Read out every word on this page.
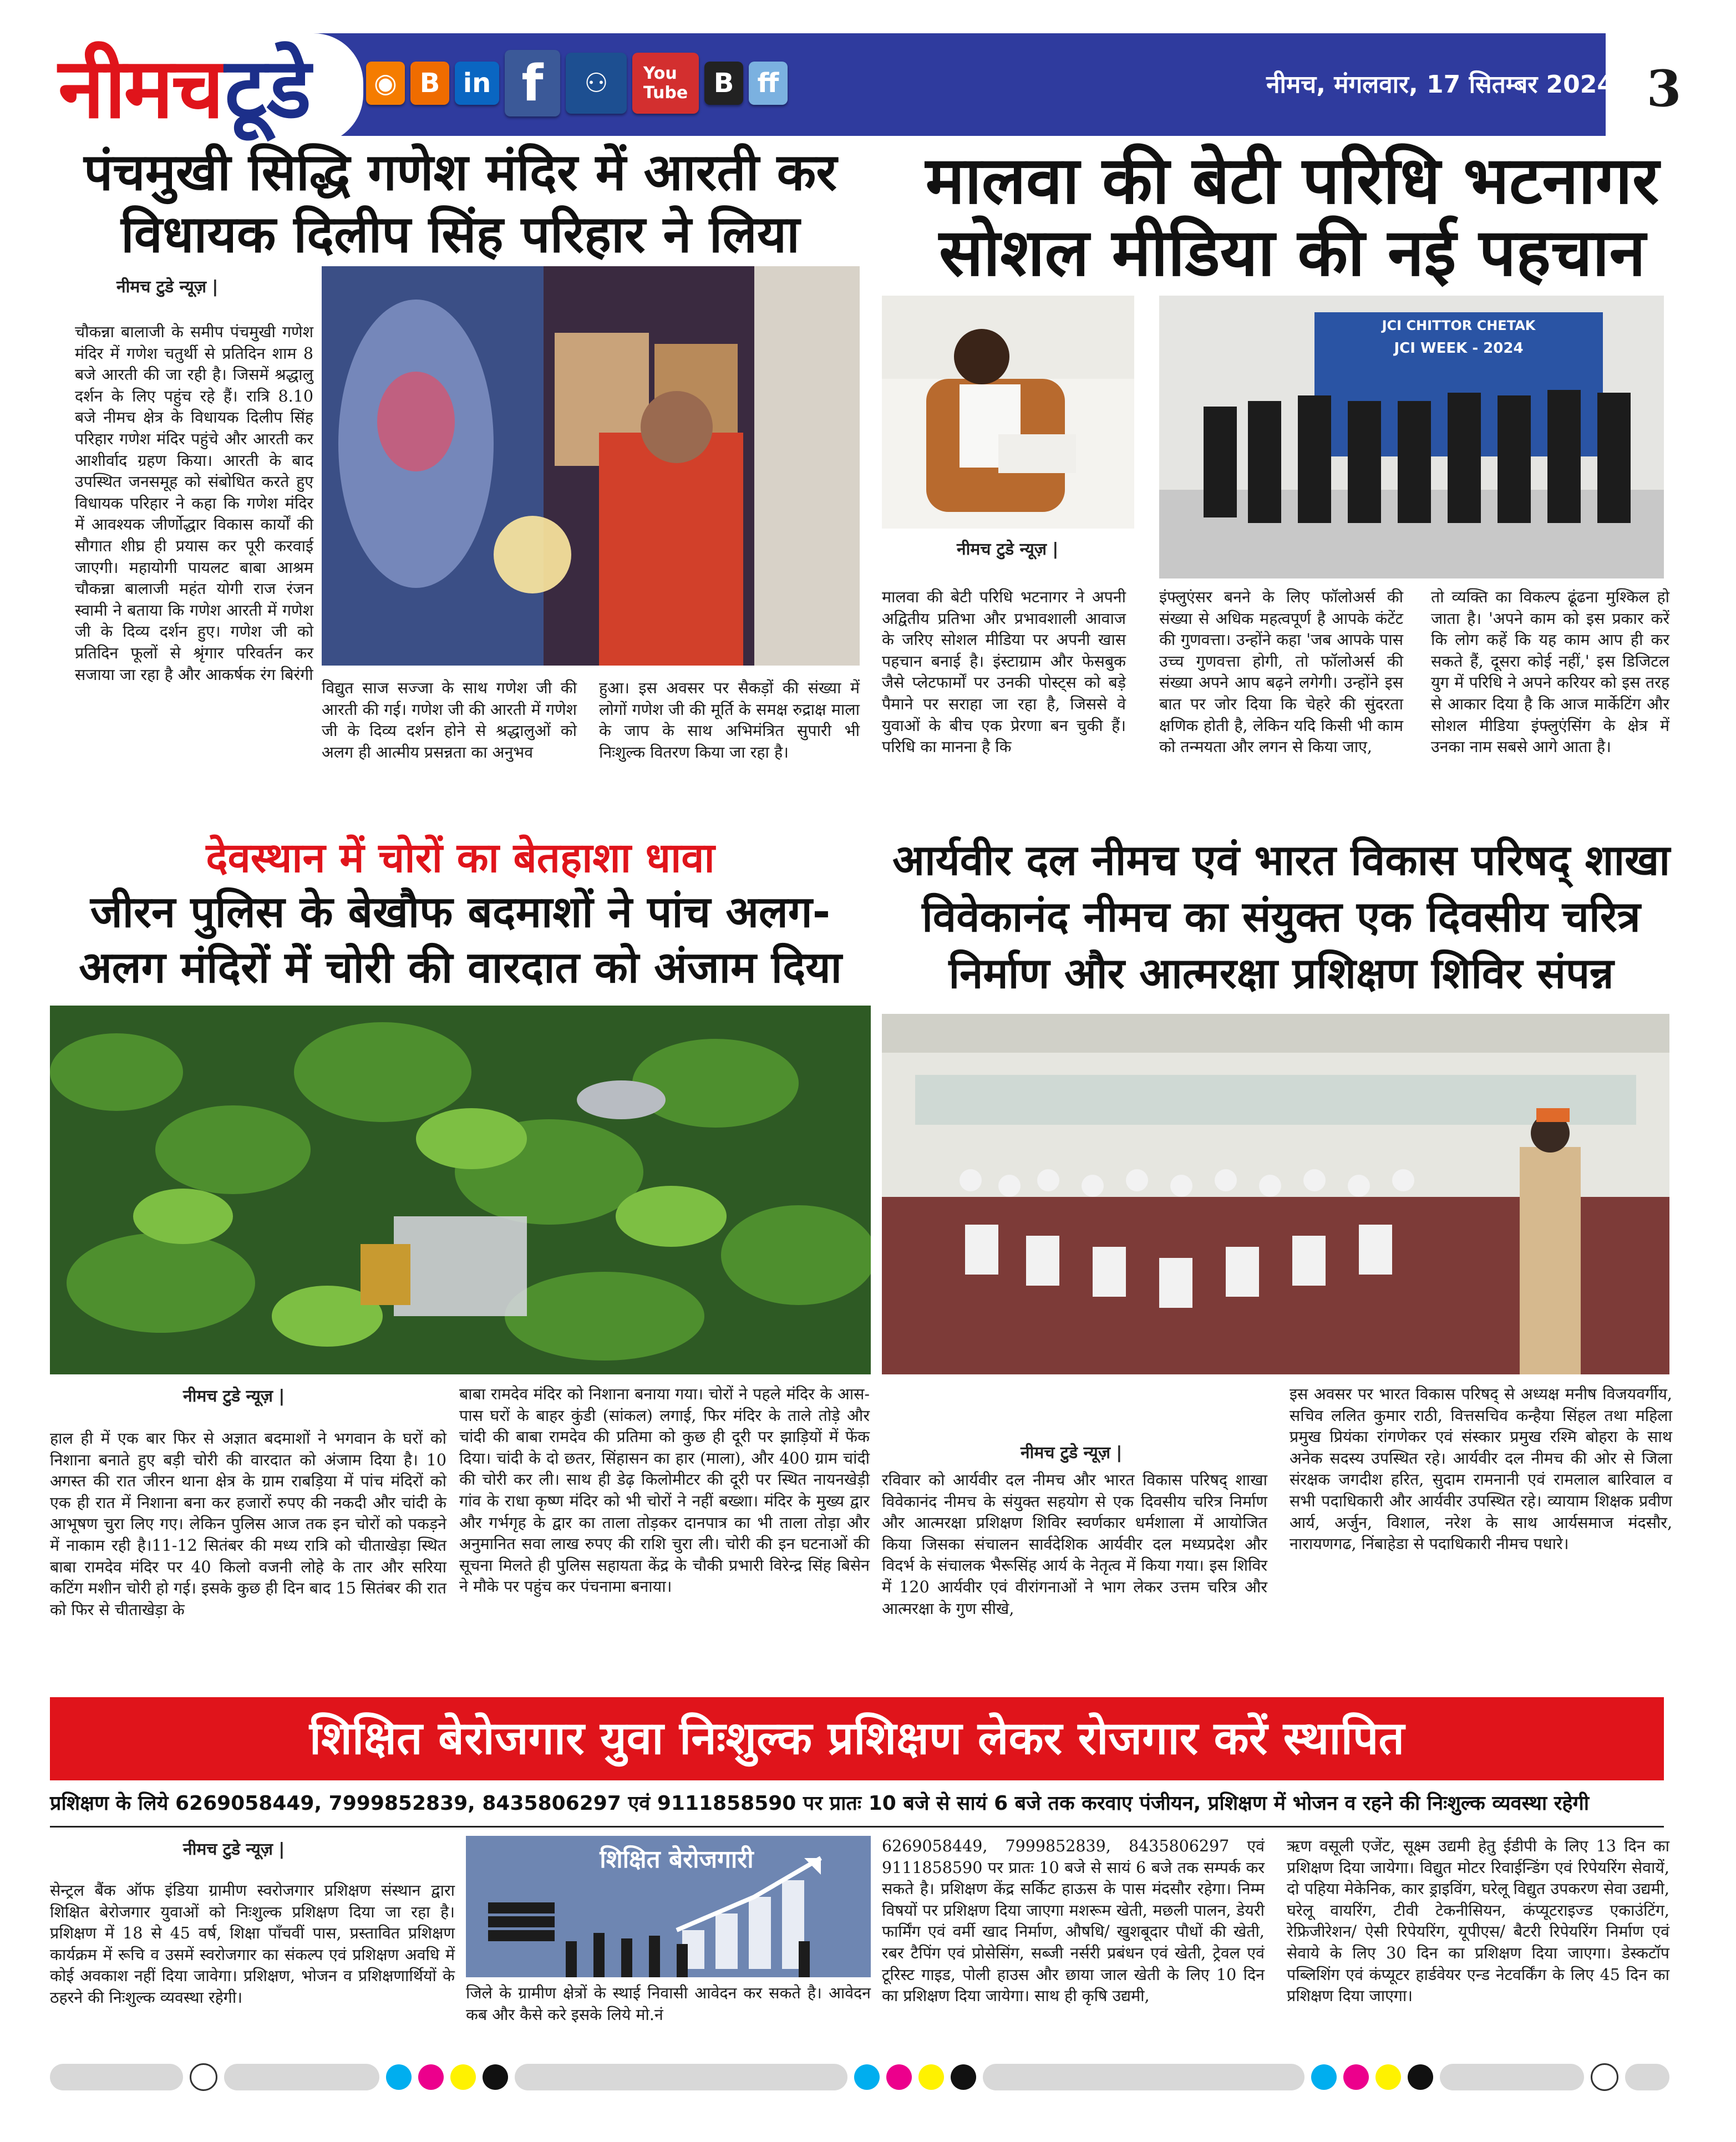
नीमच टूडे	◉ B in f	⚇	You
Tube B ff	नीमच, मंगलवार, 17 सितम्बर 2024 3
पंचमुखी सिद्धि गणेश मंदिर में आरती कर
विधायक दिलीप सिंह परिहार ने लिया
नीमच टुडे न्यूज़ |
चौकन्ना बालाजी के समीप पंचमुखी गणेश मंदिर में गणेश चतुर्थी से प्रतिदिन शाम 8 बजे आरती की जा रही है। जिसमें श्रद्धालु दर्शन के लिए पहुंच रहे हैं। रात्रि 8.10 बजे नीमच क्षेत्र के विधायक दिलीप सिंह परिहार गणेश मंदिर पहुंचे और आरती कर आशीर्वाद ग्रहण किया। आरती के बाद उपस्थित जनसमूह को संबोधित करते हुए विधायक परिहार ने कहा कि गणेश मंदिर में आवश्यक जीर्णोद्धार विकास कार्यों की सौगात शीघ्र ही प्रयास कर पूरी करवाई जाएगी। महायोगी पायलट बाबा आश्रम चौकन्ना बालाजी महंत योगी राज रंजन स्वामी ने बताया कि गणेश आरती में गणेश जी के दिव्य दर्शन हुए। गणेश जी को प्रतिदिन फूलों से श्रृंगार परिवर्तन कर सजाया जा रहा है और आकर्षक रंग बिरंगी
विद्युत साज सज्जा के साथ गणेश जी की आरती की गई। गणेश जी की आरती में गणेश जी के दिव्य दर्शन होने से श्रद्धालुओं को अलग ही आत्मीय प्रसन्नता का अनुभव
हुआ। इस अवसर पर सैकड़ों की संख्या में लोगों गणेश जी की मूर्ति के समक्ष रुद्राक्ष माला के जाप के साथ अभिमंत्रित सुपारी भी निःशुल्क वितरण किया जा रहा है।
मालवा की बेटी परिधि भटनागर
सोशल मीडिया की नई पहचान
JCI CHITTOR CHETAK
JCI WEEK - 2024
नीमच टुडे न्यूज़ |
मालवा की बेटी परिधि भटनागर ने अपनी अद्वितीय प्रतिभा और प्रभावशाली आवाज के जरिए सोशल मीडिया पर अपनी खास पहचान बनाई है। इंस्टाग्राम और फेसबुक जैसे प्लेटफार्मों पर उनकी पोस्ट्स को बड़े पैमाने पर सराहा जा रहा है, जिससे वे युवाओं के बीच एक प्रेरणा बन चुकी हैं। परिधि का मानना है कि
इंफ्लुएंसर बनने के लिए फॉलोअर्स की संख्या से अधिक महत्वपूर्ण है आपके कंटेंट की गुणवत्ता। उन्होंने कहा 'जब आपके पास उच्च गुणवत्ता होगी, तो फॉलोअर्स की संख्या अपने आप बढ़ने लगेगी। उन्होंने इस बात पर जोर दिया कि चेहरे की सुंदरता क्षणिक होती है, लेकिन यदि किसी भी काम को तन्मयता और लगन से किया जाए,
तो व्यक्ति का विकल्प ढूंढना मुश्किल हो जाता है। 'अपने काम को इस प्रकार करें कि लोग कहें कि यह काम आप ही कर सकते हैं, दूसरा कोई नहीं,' इस डिजिटल युग में परिधि ने अपने करियर को इस तरह से आकार दिया है कि आज मार्केटिंग और सोशल मीडिया इंफ्लुएंसिंग के क्षेत्र में उनका नाम सबसे आगे आता है।
देवस्थान में चोरों का बेतहाशा धावा
जीरन पुलिस के बेखौफ बदमाशों ने पांच अलग-
अलग मंदिरों में चोरी की वारदात को अंजाम दिया
नीमच टुडे न्यूज़ |
हाल ही में एक बार फिर से अज्ञात बदमाशों ने भगवान के घरों को निशाना बनाते हुए बड़ी चोरी की वारदात को अंजाम दिया है। 10 अगस्त की रात जीरन थाना क्षेत्र के ग्राम राबड़िया में पांच मंदिरों को एक ही रात में निशाना बना कर हजारों रुपए की नकदी और चांदी के आभूषण चुरा लिए गए। लेकिन पुलिस आज तक इन चोरों को पकड़ने में नाकाम रही है।11-12 सितंबर की मध्य रात्रि को चीताखेड़ा स्थित बाबा रामदेव मंदिर पर 40 किलो वजनी लोहे के तार और सरिया कटिंग मशीन चोरी हो गई। इसके कुछ ही दिन बाद 15 सितंबर की रात को फिर से चीताखेड़ा के
बाबा रामदेव मंदिर को निशाना बनाया गया। चोरों ने पहले मंदिर के आस-पास घरों के बाहर कुंडी (सांकल) लगाई, फिर मंदिर के ताले तोड़े और चांदी की बाबा रामदेव की प्रतिमा को कुछ ही दूरी पर झाड़ियों में फेंक दिया। चांदी के दो छतर, सिंहासन का हार (माला), और 400 ग्राम चांदी की चोरी कर ली। साथ ही डेढ़ किलोमीटर की दूरी पर स्थित नायनखेड़ी गांव के राधा कृष्ण मंदिर को भी चोरों ने नहीं बख्शा। मंदिर के मुख्य द्वार और गर्भगृह के द्वार का ताला तोड़कर दानपात्र का भी ताला तोड़ा और अनुमानित सवा लाख रुपए की राशि चुरा ली। चोरी की इन घटनाओं की सूचना मिलते ही पुलिस सहायता केंद्र के चौकी प्रभारी विरेन्द्र सिंह बिसेन ने मौके पर पहुंच कर पंचनामा बनाया।
आर्यवीर दल नीमच एवं भारत विकास परिषद् शाखा
विवेकानंद नीमच का संयुक्त एक दिवसीय चरित्र
निर्माण और आत्मरक्षा प्रशिक्षण शिविर संपन्न
नीमच टुडे न्यूज़ |
रविवार को आर्यवीर दल नीमच और भारत विकास परिषद् शाखा विवेकानंद नीमच के संयुक्त सहयोग से एक दिवसीय चरित्र निर्माण और आत्मरक्षा प्रशिक्षण शिविर स्वर्णकार धर्मशाला में आयोजित किया जिसका संचालन सार्वदेशिक आर्यवीर दल मध्यप्रदेश और विदर्भ के संचालक भैरूसिंह आर्य के नेतृत्व में किया गया। इस शिविर में 120 आर्यवीर एवं वीरांगनाओं ने भाग लेकर उत्तम चरित्र और आत्मरक्षा के गुण सीखे,
इस अवसर पर भारत विकास परिषद् से अध्यक्ष मनीष विजयवर्गीय, सचिव ललित कुमार राठी, वित्तसचिव कन्हैया सिंहल तथा महिला प्रमुख प्रियंका रांगणेकर एवं संस्कार प्रमुख रश्मि बोहरा के साथ अनेक सदस्य उपस्थित रहे। आर्यवीर दल नीमच की ओर से जिला संरक्षक जगदीश हरित, सुदाम रामनानी एवं रामलाल बारिवाल व सभी पदाधिकारी और आर्यवीर उपस्थित रहे। व्यायाम शिक्षक प्रवीण आर्य, अर्जुन, विशाल, नरेश के साथ आर्यसमाज मंदसौर, नारायणगढ, निंबाहेडा से पदाधिकारी नीमच पधारे।
शिक्षित बेरोजगार युवा निःशुल्क प्रशिक्षण लेकर रोजगार करें स्थापित
प्रशिक्षण के लिये 6269058449, 7999852839, 8435806297 एवं 9111858590 पर प्रातः 10 बजे से सायं 6 बजे तक करवाए पंजीयन, प्रशिक्षण में भोजन व रहने की निःशुल्क व्यवस्था रहेगी
नीमच टुडे न्यूज़ |
सेन्ट्रल बैंक ऑफ इंडिया ग्रामीण स्वरोजगार प्रशिक्षण संस्थान द्वारा शिक्षित बेरोजगार युवाओं को निःशुल्क प्रशिक्षण दिया जा रहा है। प्रशिक्षण में 18 से 45 वर्ष, शिक्षा पॉंचवीं पास, प्रस्तावित प्रशिक्षण कार्यक्रम में रूचि व उसमें स्वरोजगार का संकल्प एवं प्रशिक्षण अवधि में कोई अवकाश नहीं दिया जावेगा। प्रशिक्षण, भोजन व प्रशिक्षणार्थियों के ठहरने की निःशुल्क व्यवस्था रहेगी।
शिक्षित बेरोजगारी
जिले के ग्रामीण क्षेत्रों के स्थाई निवासी आवेदन कर सकते है। आवेदन कब और कैसे करे इसके लिये मो.नं
6269058449, 7999852839, 8435806297 एवं 9111858590 पर प्रातः 10 बजे से सायं 6 बजे तक सम्पर्क कर सकते है। प्रशिक्षण केंद्र सर्किट हाऊस के पास मंदसौर रहेगा। निम्म विषयों पर प्रशिक्षण दिया जाएगा मशरूम खेती, मछली पालन, डेयरी फार्मिंग एवं वर्मी खाद निर्माण, औषधि/ खुशबूदार पौधों की खेती, रबर टैपिंग एवं प्रोसेसिंग, सब्जी नर्सरी प्रबंधन एवं खेती, ट्रेवल एवं टूरिस्ट गाइड, पोली हाउस और छाया जाल खेती के लिए 10 दिन का प्रशिक्षण दिया जायेगा। साथ ही कृषि उद्यमी,
ऋण वसूली एजेंट, सूक्ष्म उद्यमी हेतु ईडीपी के लिए 13 दिन का प्रशिक्षण दिया जायेगा। विद्युत मोटर रिवाईन्डिंग एवं रिपेयरिंग सेवायें, दो पहिया मेकेनिक, कार ड्राइविंग, घरेलू विद्युत उपकरण सेवा उद्यमी, घरेलू वायरिंग, टीवी टेकनीसियन, कंप्यूटराइज्ड एकाउंटिंग, रेफ्रिजीरेशन/ ऐसी रिपेयरिंग, यूपीएस/ बैटरी रिपेयरिंग निर्माण एवं सेवाये के लिए 30 दिन का प्रशिक्षण दिया जाएगा। डेस्कटॉप पब्लिशिंग एवं कंप्यूटर हार्डवेयर एन्ड नेटवर्किंग के लिए 45 दिन का प्रशिक्षण दिया जाएगा।
